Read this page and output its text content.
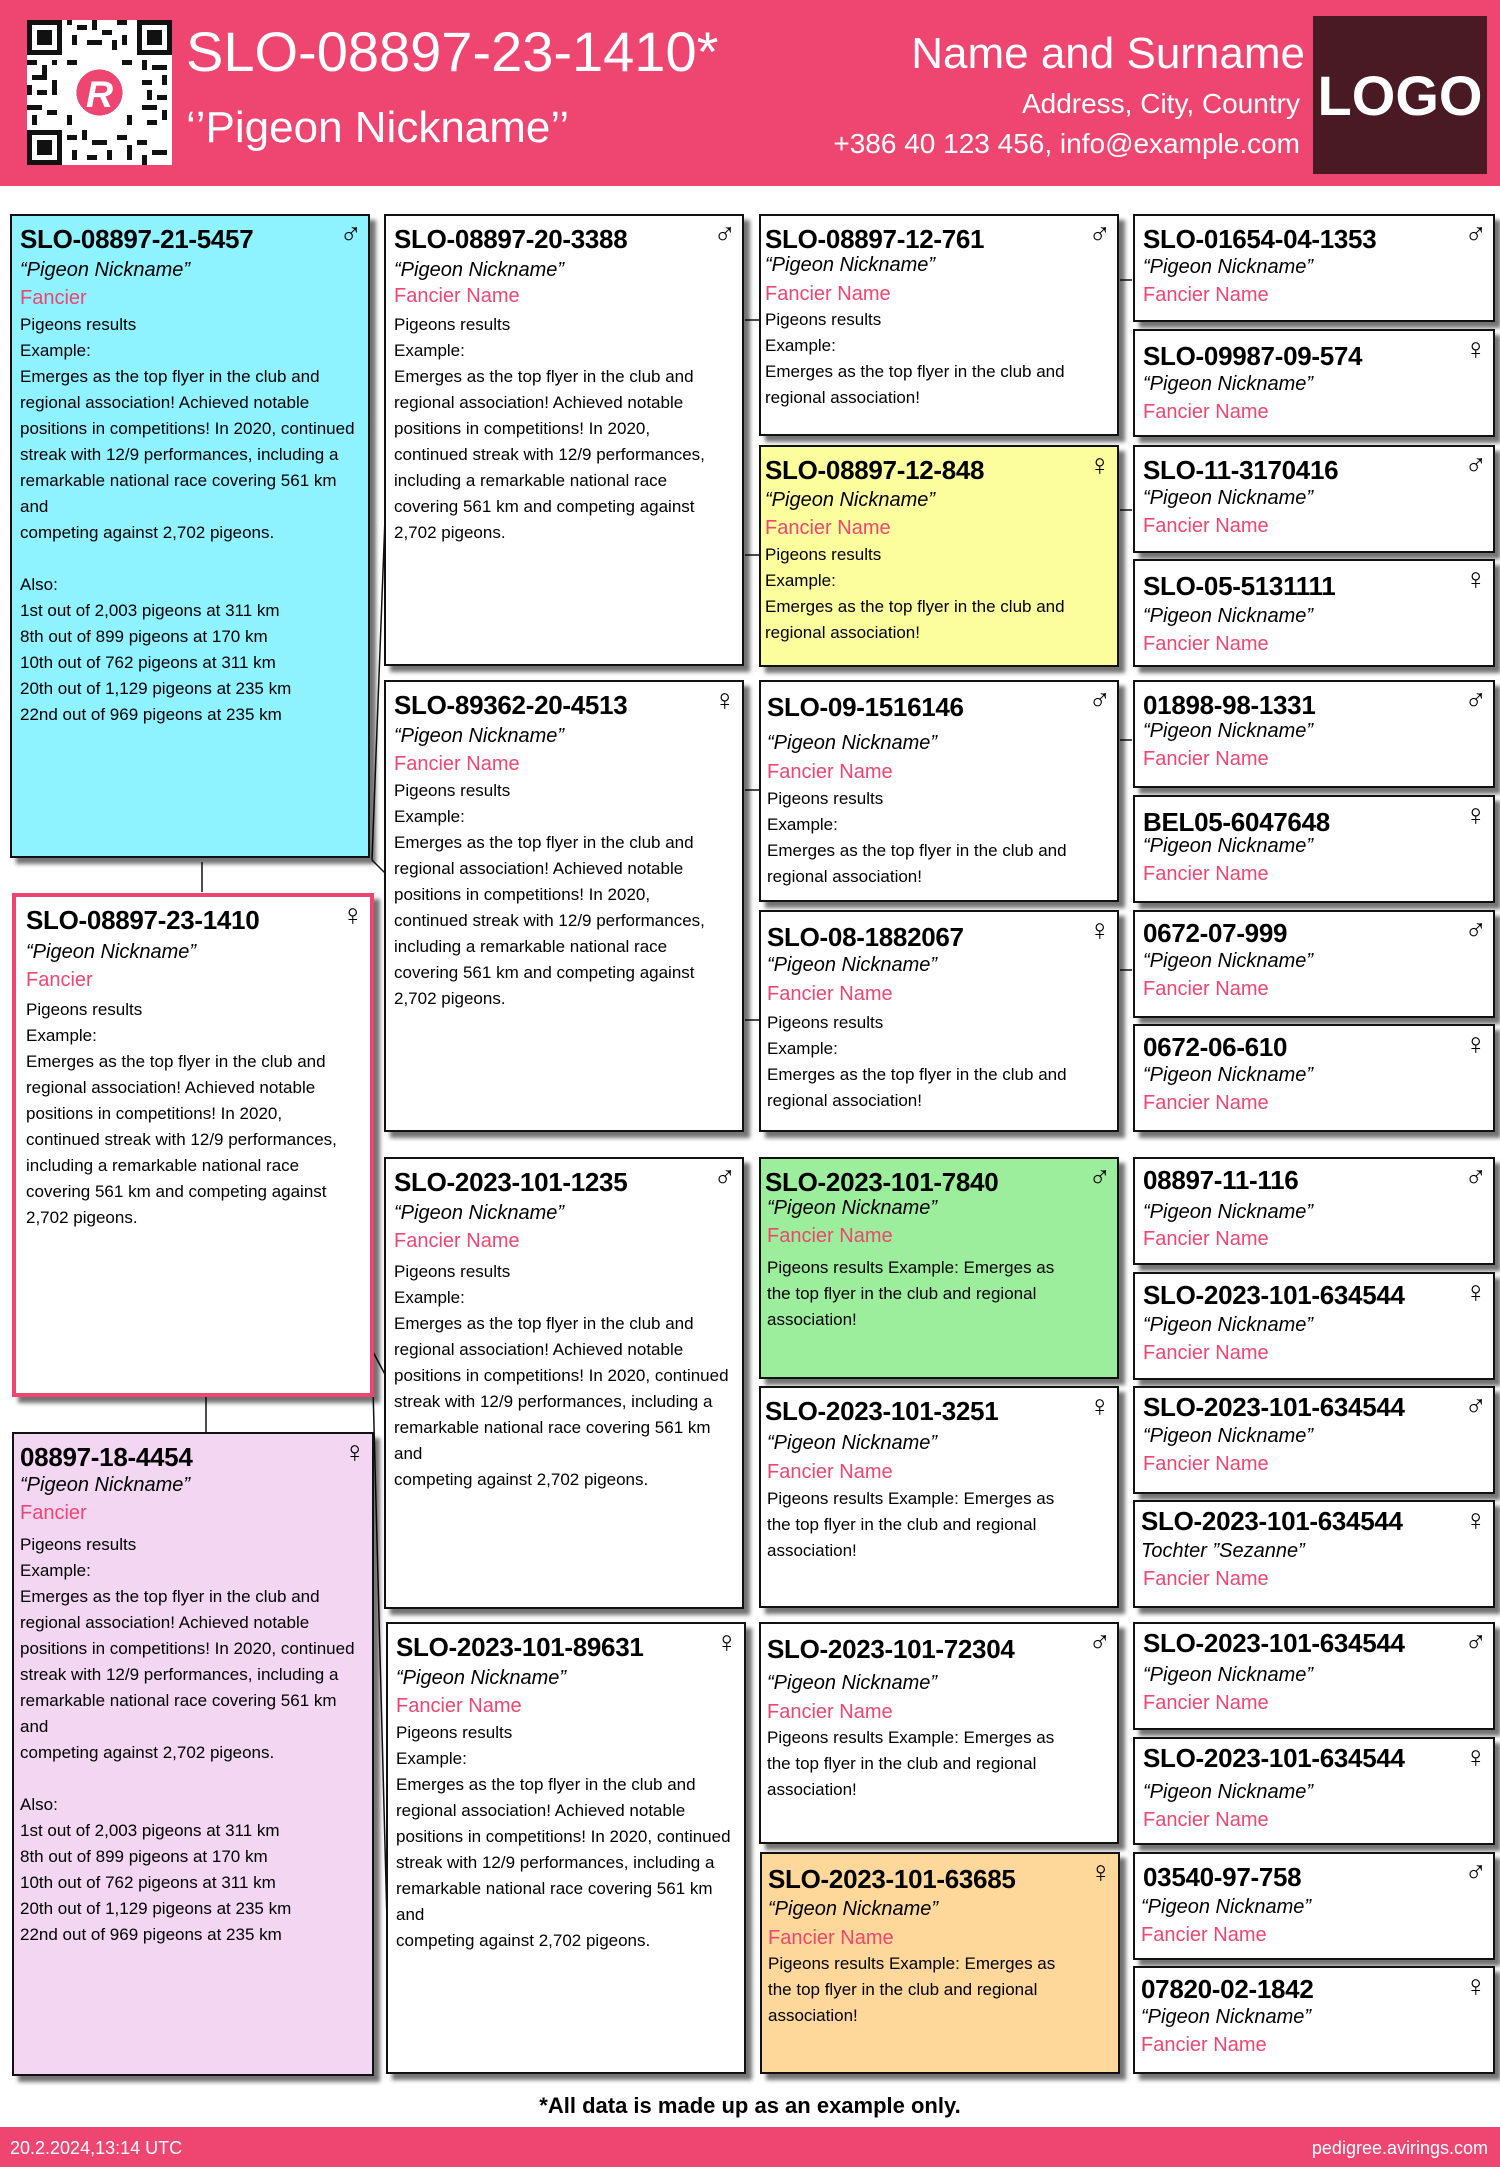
R
SLO-08897-23-1410*
‘’Pigeon Nickname’’
Name and Surname
Address, City, Country
+386 40 123 456, info@example.com
LOGO
SLO-08897-21-5457	♂
“Pigeon Nickname”
Fancier
Pigeons results
Example:
Emerges as the top flyer in the club and
regional association! Achieved notable
positions in competitions! In 2020, continued
streak with 12/9 performances, including a
remarkable national race covering 561 km and
competing against 2,702 pigeons.

Also:
1st out of 2,003 pigeons at 311 km
8th out of 899 pigeons at 170 km
10th out of 762 pigeons at 311 km
20th out of 1,129 pigeons at 235 km
22nd out of 969 pigeons at 235 km
SLO-08897-23-1410	♀
“Pigeon Nickname”
Fancier
Pigeons results
Example:
Emerges as the top flyer in the club and
regional association! Achieved notable
positions in competitions! In 2020,
continued streak with 12/9 performances,
including a remarkable national race
covering 561 km and competing against
2,702 pigeons.
08897-18-4454	♀
“Pigeon Nickname”
Fancier
Pigeons results
Example:
Emerges as the top flyer in the club and
regional association! Achieved notable
positions in competitions! In 2020, continued
streak with 12/9 performances, including a
remarkable national race covering 561 km and
competing against 2,702 pigeons.

Also:
1st out of 2,003 pigeons at 311 km
8th out of 899 pigeons at 170 km
10th out of 762 pigeons at 311 km
20th out of 1,129 pigeons at 235 km
22nd out of 969 pigeons at 235 km
SLO-08897-20-3388	♂
“Pigeon Nickname”
Fancier Name
Pigeons results
Example:
Emerges as the top flyer in the club and
regional association! Achieved notable
positions in competitions! In 2020,
continued streak with 12/9 performances,
including a remarkable national race
covering 561 km and competing against
2,702 pigeons.
SLO-89362-20-4513	♀
“Pigeon Nickname”
Fancier Name
Pigeons results
Example:
Emerges as the top flyer in the club and
regional association! Achieved notable
positions in competitions! In 2020,
continued streak with 12/9 performances,
including a remarkable national race
covering 561 km and competing against
2,702 pigeons.
SLO-2023-101-1235	♂
“Pigeon Nickname”
Fancier Name
Pigeons results
Example:
Emerges as the top flyer in the club and
regional association! Achieved notable
positions in competitions! In 2020, continued
streak with 12/9 performances, including a
remarkable national race covering 561 km and
competing against 2,702 pigeons.
SLO-2023-101-89631 ♀
“Pigeon Nickname”
Fancier Name
Pigeons results
Example:
Emerges as the top flyer in the club and
regional association! Achieved notable
positions in competitions! In 2020, continued
streak with 12/9 performances, including a
remarkable national race covering 561 km and
competing against 2,702 pigeons.
SLO-08897-12-761	♂
“Pigeon Nickname”
Fancier Name
Pigeons results
Example:
Emerges as the top flyer in the club and
regional association!
SLO-08897-12-848	♀
“Pigeon Nickname”
Fancier Name
Pigeons results
Example:
Emerges as the top flyer in the club and
regional association!
SLO-09-1516146	♂
“Pigeon Nickname”
Fancier Name
Pigeons results
Example:
Emerges as the top flyer in the club and
regional association!
SLO-08-1882067	♀
“Pigeon Nickname”
Fancier Name
Pigeons results
Example:
Emerges as the top flyer in the club and
regional association!
SLO-2023-101-7840	♂
“Pigeon Nickname”
Fancier Name
Pigeons results Example: Emerges as
the top flyer in the club and regional
association!
SLO-2023-101-3251	♀
“Pigeon Nickname”
Fancier Name
Pigeons results Example: Emerges as
the top flyer in the club and regional
association!
SLO-2023-101-72304 ♂
“Pigeon Nickname”
Fancier Name
Pigeons results Example: Emerges as
the top flyer in the club and regional
association!
SLO-2023-101-63685 ♀
“Pigeon Nickname”
Fancier Name
Pigeons results Example: Emerges as
the top flyer in the club and regional
association!
SLO-01654-04-1353	♂
“Pigeon Nickname”
Fancier Name
SLO-09987-09-574	♀
“Pigeon Nickname”
Fancier Name
SLO-11-3170416	♂
“Pigeon Nickname”
Fancier Name
SLO-05-5131111	♀
“Pigeon Nickname”
Fancier Name
01898-98-1331	♂
“Pigeon Nickname”
Fancier Name
BEL05-6047648	♀
“Pigeon Nickname”
Fancier Name
0672-07-999	♂
“Pigeon Nickname”
Fancier Name
0672-06-610	♀
“Pigeon Nickname”
Fancier Name
08897-11-116	♂
“Pigeon Nickname”
Fancier Name
SLO-2023-101-634544 ♀
“Pigeon Nickname”
Fancier Name
SLO-2023-101-634544 ♂
“Pigeon Nickname”
Fancier Name
SLO-2023-101-634544 ♀
Tochter ”Sezanne”
Fancier Name
SLO-2023-101-634544 ♂
“Pigeon Nickname”
Fancier Name
SLO-2023-101-634544 ♀
“Pigeon Nickname”
Fancier Name
03540-97-758	♂
“Pigeon Nickname”
Fancier Name
07820-02-1842	♀
“Pigeon Nickname”
Fancier Name
*All data is made up as an example only.
20.2.2024,13:14 UTC	pedigree.avirings.com
